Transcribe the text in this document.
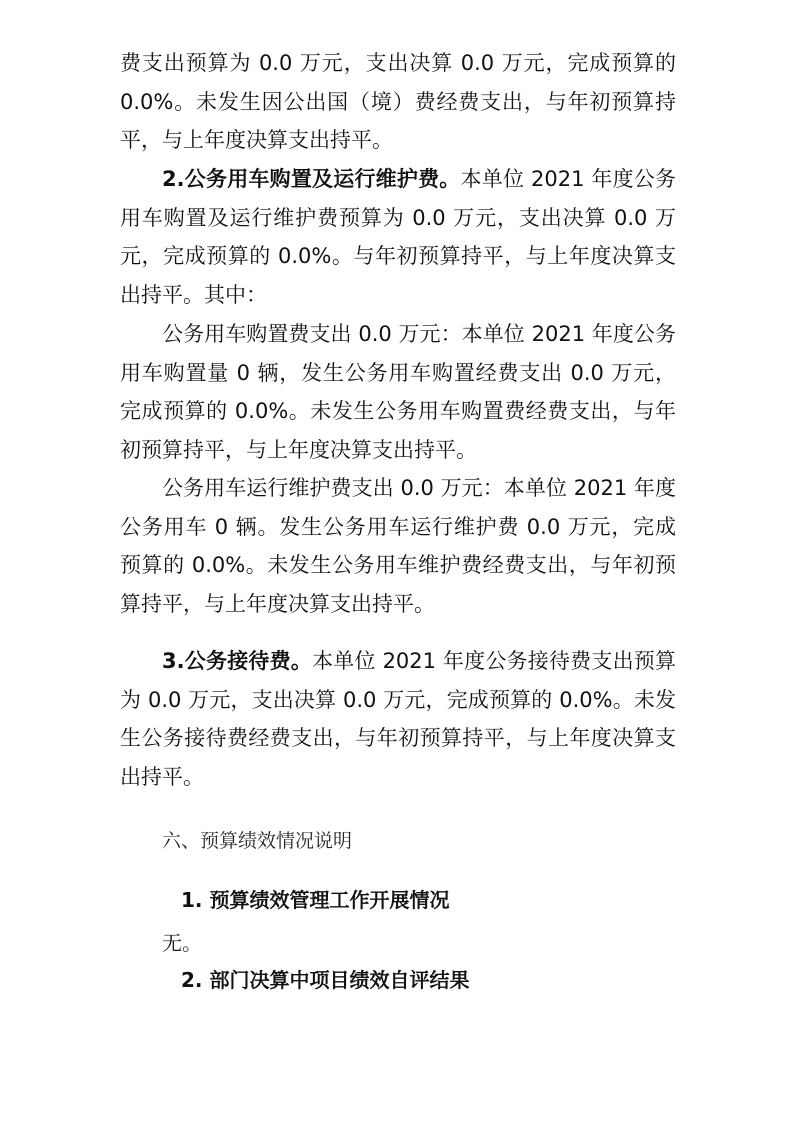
费支出预算为 0.0 万元，支出决算 0.0 万元，完成预算的 0.0%。未发生因公出国（境）费经费支出，与年初预算持平，与上年度决算支出持平。

2.公务用车购置及运行维护费。本单位 2021 年度公务用车购置及运行维护费预算为 0.0 万元，支出决算 0.0 万元，完成预算的 0.0%。与年初预算持平，与上年度决算支出持平。其中：

公务用车购置费支出 0.0 万元：本单位 2021 年度公务用车购置量 0 辆，发生公务用车购置经费支出 0.0 万元，完成预算的 0.0%。未发生公务用车购置费经费支出，与年初预算持平，与上年度决算支出持平。

公务用车运行维护费支出 0.0 万元：本单位 2021 年度公务用车 0 辆。发生公务用车运行维护费 0.0 万元，完成预算的 0.0%。未发生公务用车维护费经费支出，与年初预算持平，与上年度决算支出持平。

3.公务接待费。本单位 2021 年度公务接待费支出预算为 0.0 万元，支出决算 0.0 万元，完成预算的 0.0%。未发生公务接待费经费支出，与年初预算持平，与上年度决算支出持平。

六、预算绩效情况说明

1. 预算绩效管理工作开展情况

无。

2. 部门决算中项目绩效自评结果
